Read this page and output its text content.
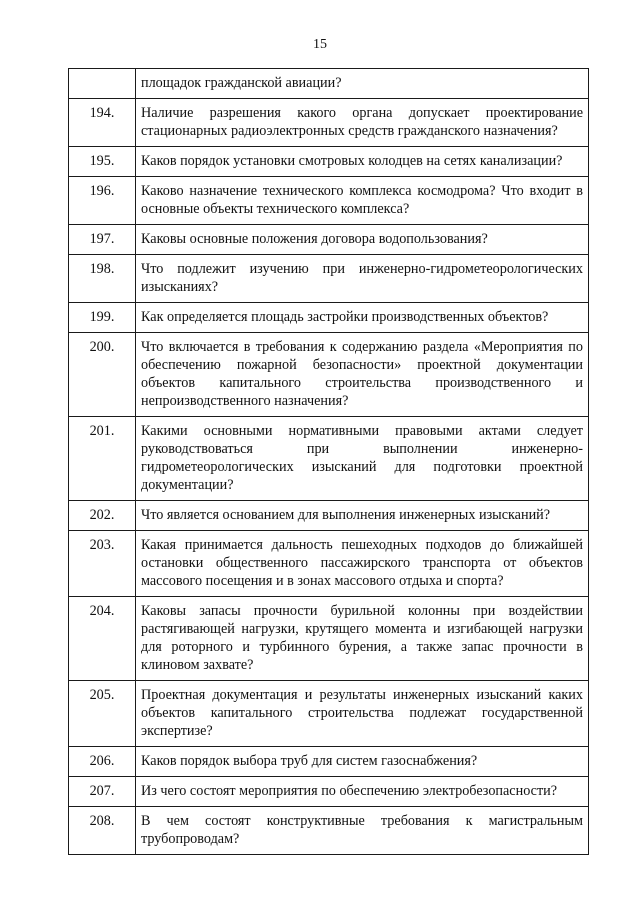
15
	площадок гражданской авиации?
194.	Наличие разрешения какого органа допускает проектирование стационарных радиоэлектронных средств гражданского назначения?
195.	Каков порядок установки смотровых колодцев на сетях канализации?
196.	Каково назначение технического комплекса космодрома? Что входит в основные объекты технического комплекса?
197.	Каковы основные положения договора водопользования?
198.	Что подлежит изучению при инженерно-гидрометеорологических изысканиях?
199.	Как определяется площадь застройки производственных объектов?
200.	Что включается в требования к содержанию раздела «Мероприятия по обеспечению пожарной безопасности» проектной документации объектов капитального строительства производственного и непроизводственного назначения?
201.	Какими основными нормативными правовыми актами следует руководствоваться при выполнении инженерно-гидрометеорологических изысканий для подготовки проектной документации?
202.	Что является основанием для выполнения инженерных изысканий?
203.	Какая принимается дальность пешеходных подходов до ближайшей остановки общественного пассажирского транспорта от объектов массового посещения и в зонах массового отдыха и спорта?
204.	Каковы запасы прочности бурильной колонны при воздействии растягивающей нагрузки, крутящего момента и изгибающей нагрузки для роторного и турбинного бурения, а также запас прочности в клиновом захвате?
205.	Проектная документация и результаты инженерных изысканий каких объектов капитального строительства подлежат государственной экспертизе?
206.	Каков порядок выбора труб для систем газоснабжения?
207.	Из чего состоят мероприятия по обеспечению электробезопасности?
208.	В чем состоят конструктивные требования к магистральным трубопроводам?
